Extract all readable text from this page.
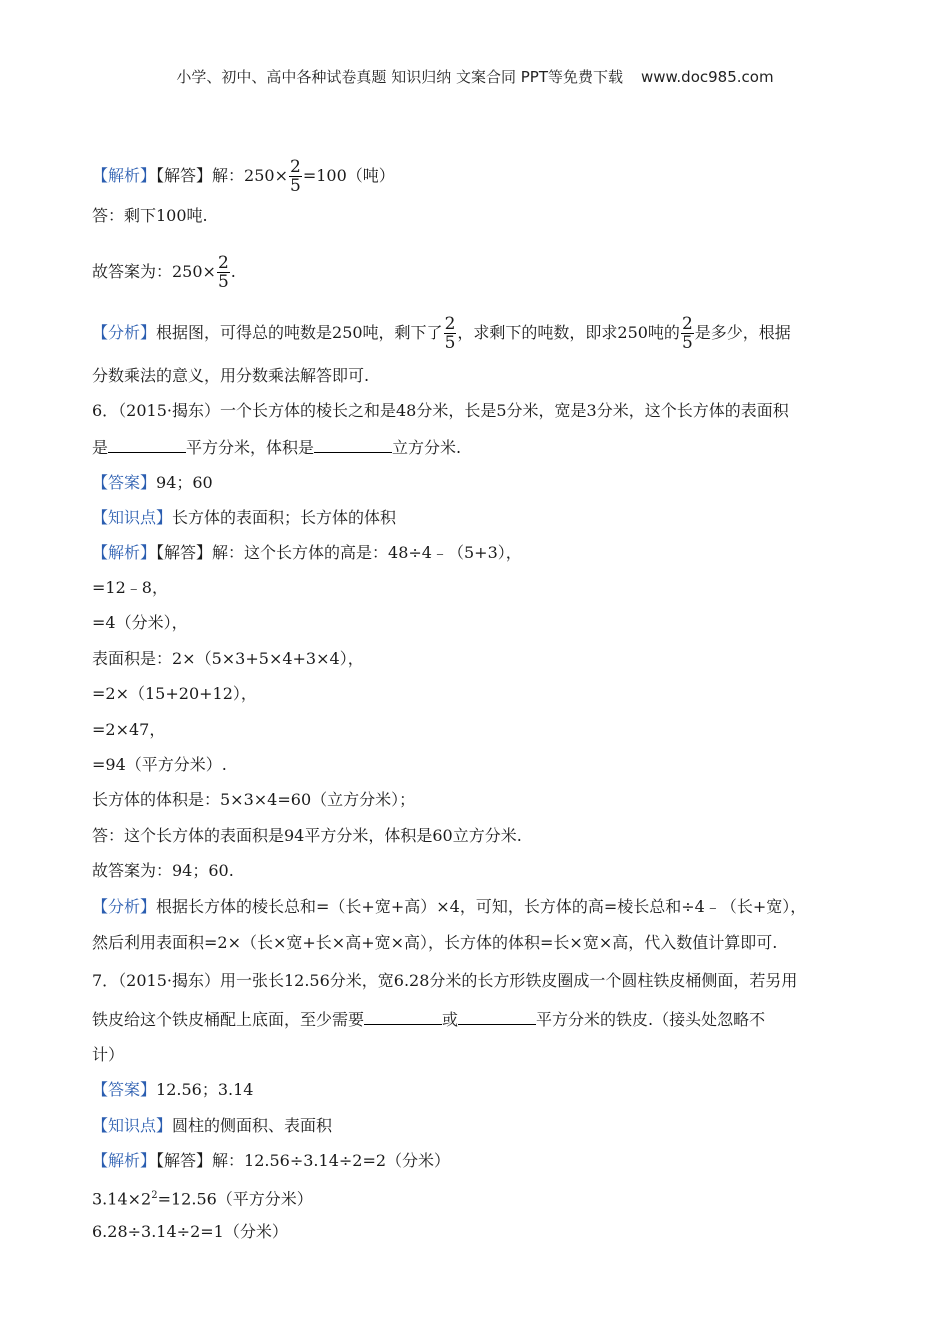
小学、初中、高中各种试卷真题 知识归纳 文案合同 PPT等免费下载 www.doc985.com
【解析】【解答】解：$250\times \frac{2}{5} =100$（吨）
答：剩下100吨.
故答案为：$250\times \frac{2}{5}$ .
【分析】根据图，可得总的吨数是250吨，剩下了 $\frac{2}{5}$ ，求剩下的吨数，即求250吨的 $\frac{2}{5}$ 是多少，根据
分数乘法的意义，用分数乘法解答即可.
6．（2015·揭东）一个长方体的棱长之和是48分米，长是5分米，宽是3分米，这个长方体的表面积
是	平方分米，体积是	立方分米.
【答案】94；60
【知识点】长方体的表面积；长方体的体积
【解析】【解答】解：这个长方体的高是：48÷4﹣（5+3），
=12﹣8，
=4（分米），
表面积是：2×（5×3+5×4+3×4），
=2×（15+20+12），
=2×47，
=94（平方分米）.
长方体的体积是：5×3×4=60（立方分米）；
答：这个长方体的表面积是94平方分米，体积是60立方分米.
故答案为：94；60.
【分析】根据长方体的棱长总和=（长+宽+高）×4，可知，长方体的高=棱长总和÷4﹣（长+宽），
然后利用表面积=2×（长×宽+长×高+宽×高），长方体的体积=长×宽×高，代入数值计算即可.
7．（2015·揭东）用一张长12.56分米，宽6.28分米的长方形铁皮圈成一个圆柱铁皮桶侧面，若另用
铁皮给这个铁皮桶配上底面，至少需要	或	平方分米的铁皮.（接头处忽略不
计）
【答案】12.56；3.14
【知识点】圆柱的侧面积、表面积
【解析】【解答】解：12.56÷3.14÷2=2（分米）
$3.14\times 2^2=12.56$（平方分米）
6.28÷3.14÷2=1（分米）
